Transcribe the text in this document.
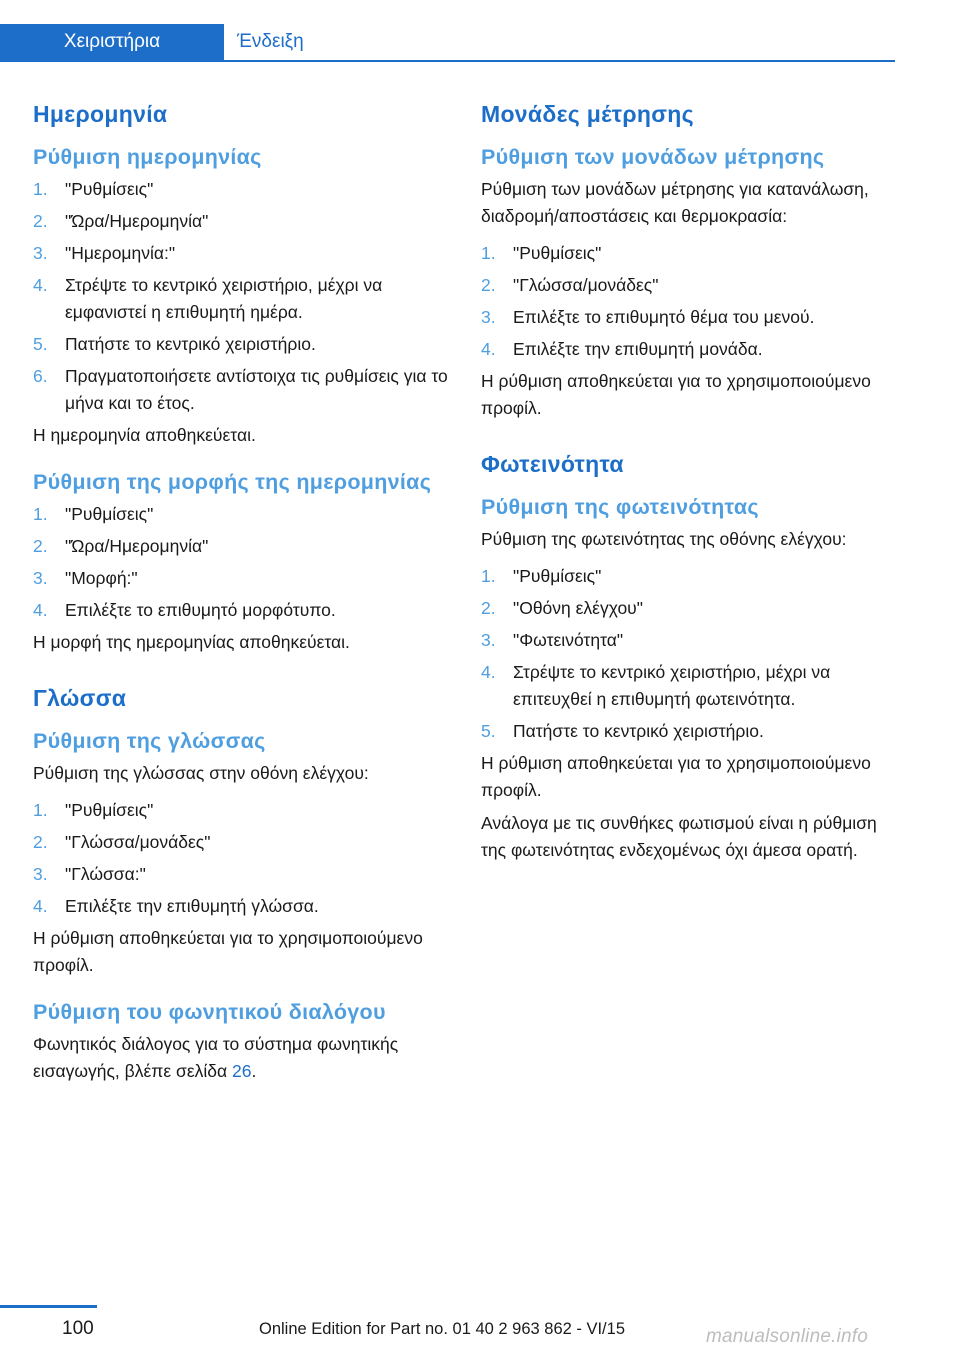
Χειριστήρια	Ένδειξη
Ημερομηνία
Ρύθμιση ημερομηνίας
1. "Ρυθμίσεις"
2. "Ώρα/Ημερομηνία"
3. "Ημερομηνία:"
4. Στρέψτε το κεντρικό χειριστήριο, μέχρι να εμφανιστεί η επιθυμητή ημέρα.
5. Πατήστε το κεντρικό χειριστήριο.
6. Πραγματοποιήσετε αντίστοιχα τις ρυθμίσεις για το μήνα και το έτος.

Η ημερομηνία αποθηκεύεται.

Ρύθμιση της μορφής της ημερομηνίας
1. "Ρυθμίσεις"
2. "Ώρα/Ημερομηνία"
3. "Μορφή:"
4. Επιλέξτε το επιθυμητό μορφότυπο.

Η μορφή της ημερομηνίας αποθηκεύεται.

Γλώσσα
Ρύθμιση της γλώσσας

Ρύθμιση της γλώσσας στην οθόνη ελέγχου:

1. "Ρυθμίσεις"
2. "Γλώσσα/μονάδες"
3. "Γλώσσα:"
4. Επιλέξτε την επιθυμητή γλώσσα.

Η ρύθμιση αποθηκεύεται για το χρησιμοποιούμενο προφίλ.

Ρύθμιση του φωνητικού διαλόγου

Φωνητικός διάλογος για το σύστημα φωνητικής εισαγωγής, βλέπε σελίδα 26.

Μονάδες μέτρησης
Ρύθμιση των μονάδων μέτρησης

Ρύθμιση των μονάδων μέτρησης για κατανάλωση, διαδρομή/αποστάσεις και θερμοκρασία:

1. "Ρυθμίσεις"
2. "Γλώσσα/μονάδες"
3. Επιλέξτε το επιθυμητό θέμα του μενού.
4. Επιλέξτε την επιθυμητή μονάδα.

Η ρύθμιση αποθηκεύεται για το χρησιμοποιούμενο προφίλ.

Φωτεινότητα
Ρύθμιση της φωτεινότητας

Ρύθμιση της φωτεινότητας της οθόνης ελέγχου:

1. "Ρυθμίσεις"
2. "Οθόνη ελέγχου"
3. "Φωτεινότητα"
4. Στρέψτε το κεντρικό χειριστήριο, μέχρι να επιτευχθεί η επιθυμητή φωτεινότητα.
5. Πατήστε το κεντρικό χειριστήριο.

Η ρύθμιση αποθηκεύεται για το χρησιμοποιούμενο προφίλ.

Ανάλογα με τις συνθήκες φωτισμού είναι η ρύθμιση της φωτεινότητας ενδεχομένως όχι άμεσα ορατή.

100	Online Edition for Part no. 01 40 2 963 862 - VI/15	manualsonline.info
